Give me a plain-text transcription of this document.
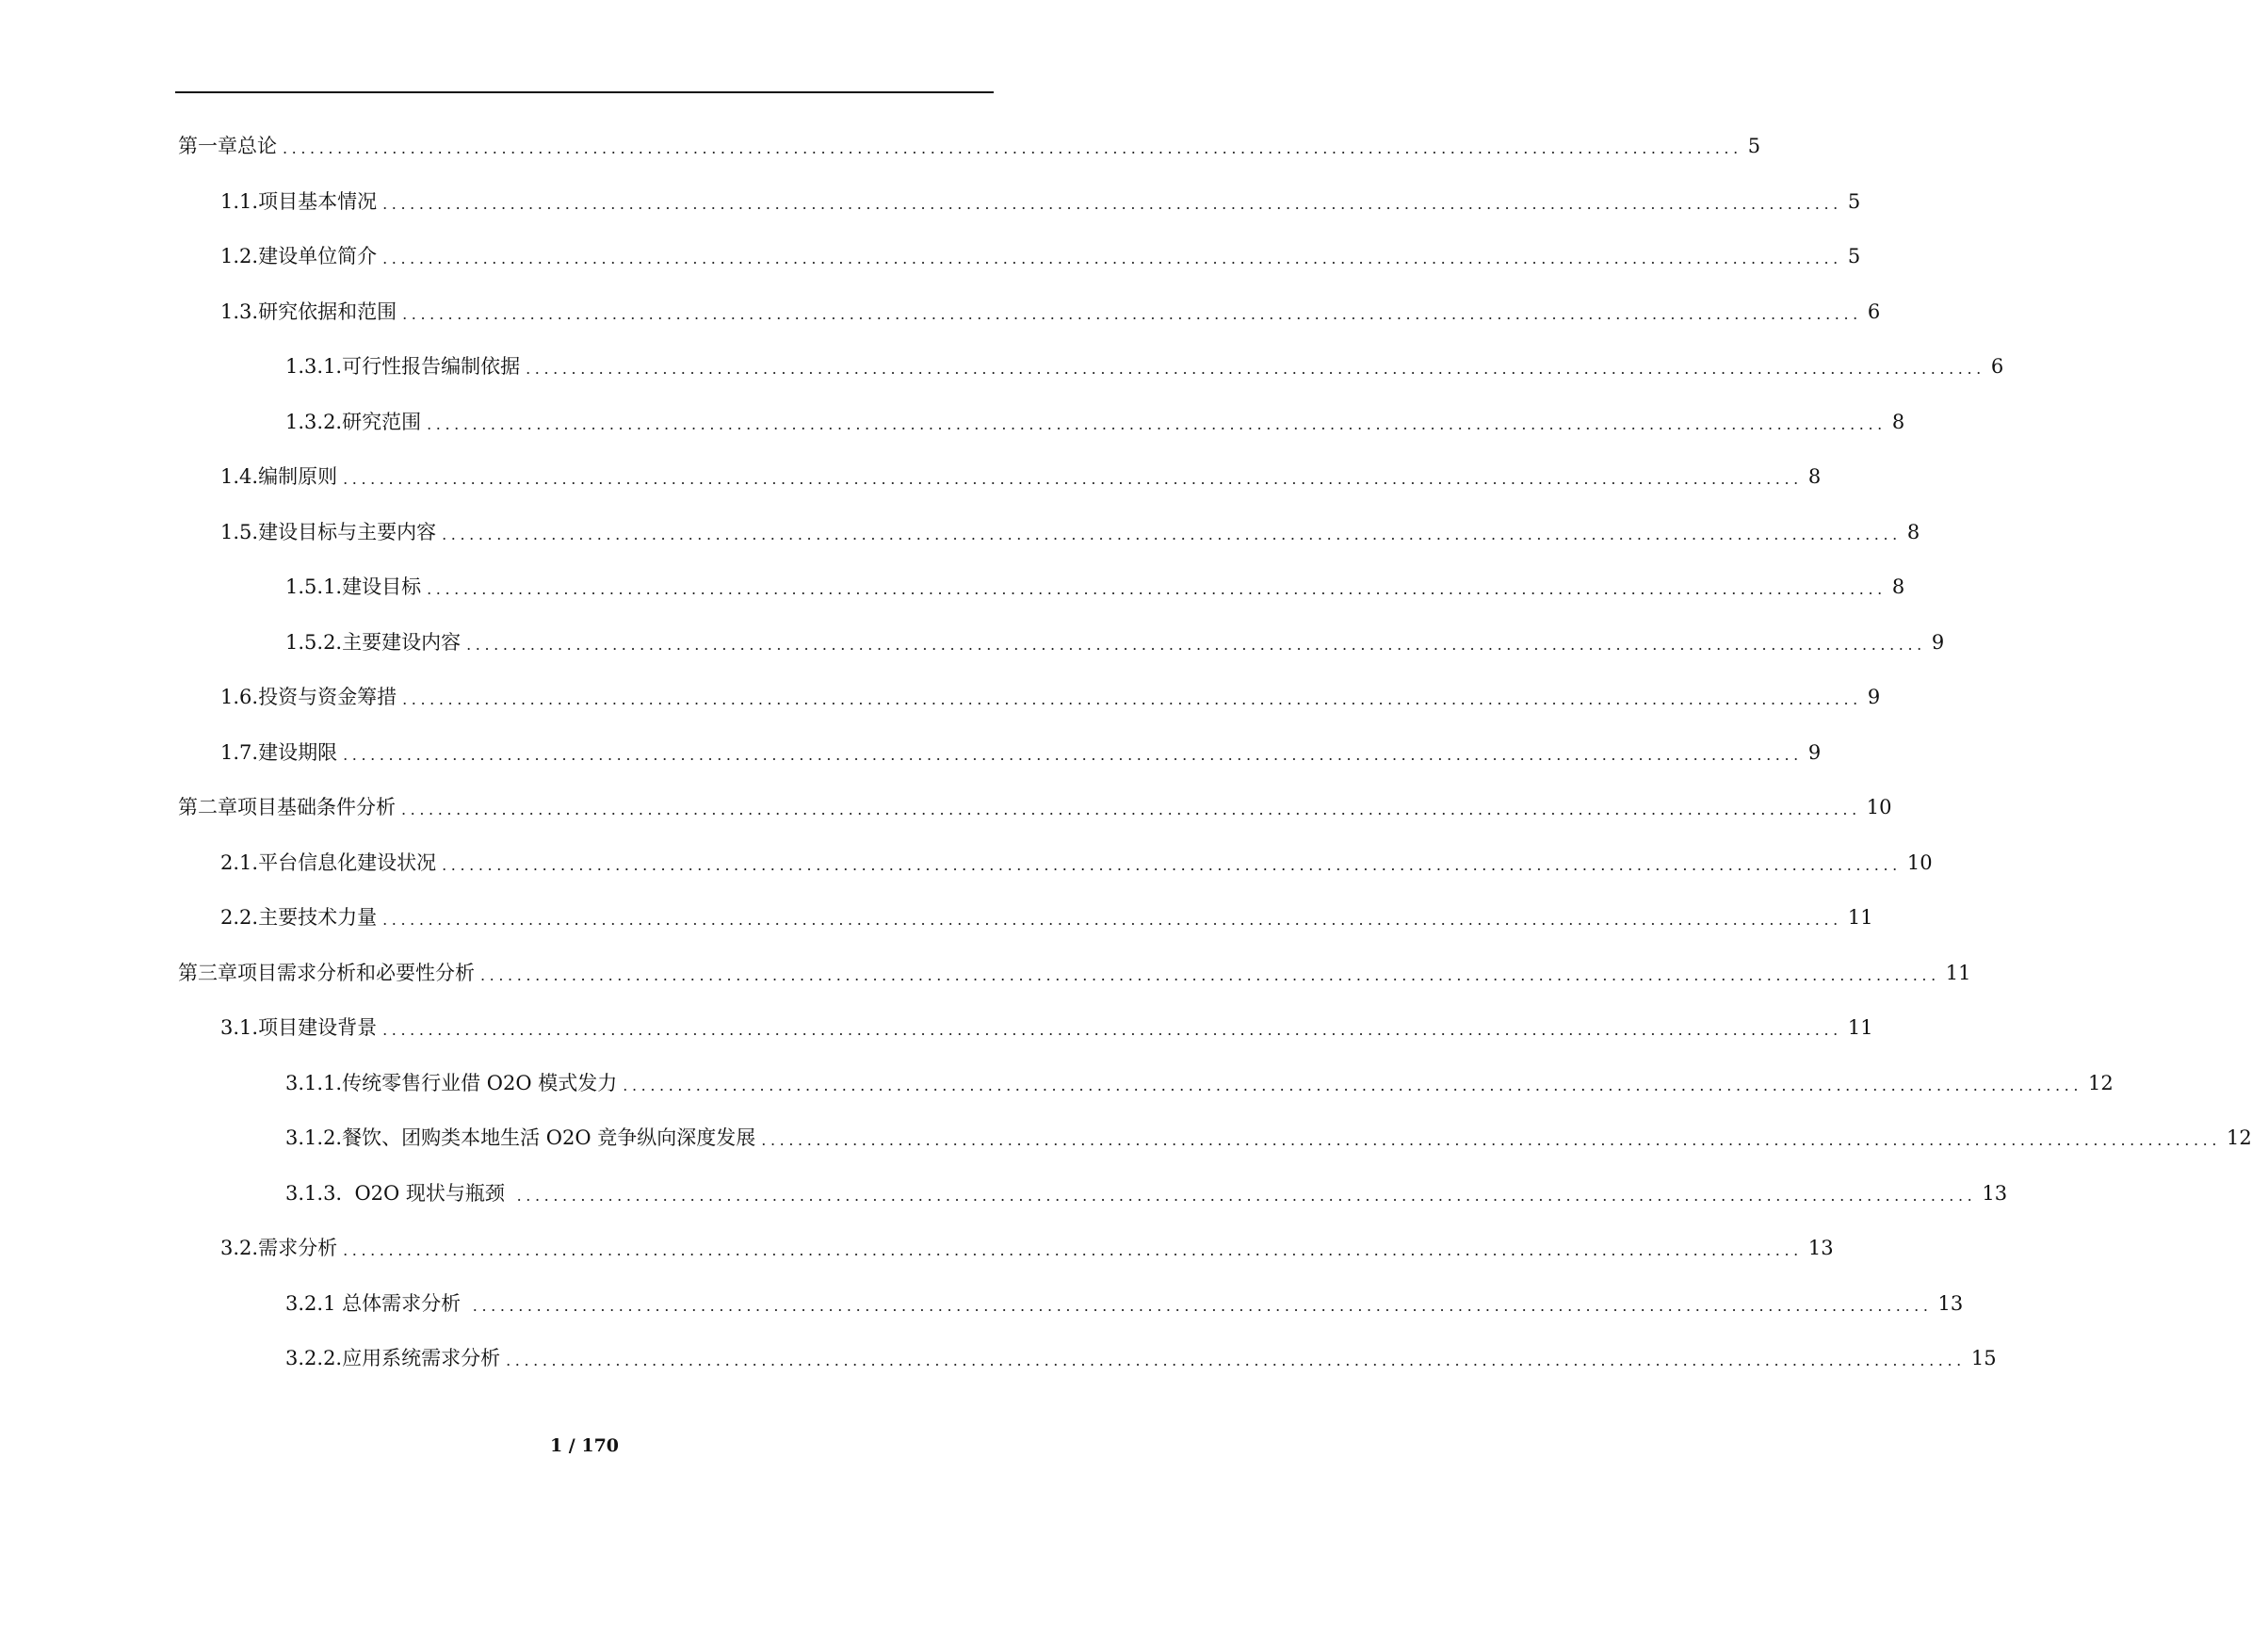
第一章总论 ................................................................................................................................................................ 5
1.1.项目基本情况 ................................................................................................................................................................ 5
1.2.建设单位简介 ................................................................................................................................................................ 5
1.3.研究依据和范围 ................................................................................................................................................................ 6
1.3.1.可行性报告编制依据 ................................................................................................................................................................ 6
1.3.2.研究范围 ................................................................................................................................................................ 8
1.4.编制原则 ................................................................................................................................................................ 8
1.5.建设目标与主要内容 ................................................................................................................................................................ 8
1.5.1.建设目标 ................................................................................................................................................................ 8
1.5.2.主要建设内容 ................................................................................................................................................................ 9
1.6.投资与资金筹措 ................................................................................................................................................................ 9
1.7.建设期限 ................................................................................................................................................................ 9
第二章项目基础条件分析 ................................................................................................................................................................ 10
2.1.平台信息化建设状况 ................................................................................................................................................................ 10
2.2.主要技术力量 ................................................................................................................................................................ 11
第三章项目需求分析和必要性分析 ................................................................................................................................................................ 11
3.1.项目建设背景 ................................................................................................................................................................ 11
3.1.1.传统零售行业借 O2O 模式发力 ................................................................................................................................................................ 12
3.1.2.餐饮、团购类本地生活 O2O 竞争纵向深度发展 ................................................................................................................................................................ 12
3.1.3.  O2O 现状与瓶颈 ................................................................................................................................................................ 13
3.2.需求分析 ................................................................................................................................................................ 13
3.2.1 总体需求分析 ................................................................................................................................................................ 13
3.2.2.应用系统需求分析 ................................................................................................................................................................ 15
1 / 170
